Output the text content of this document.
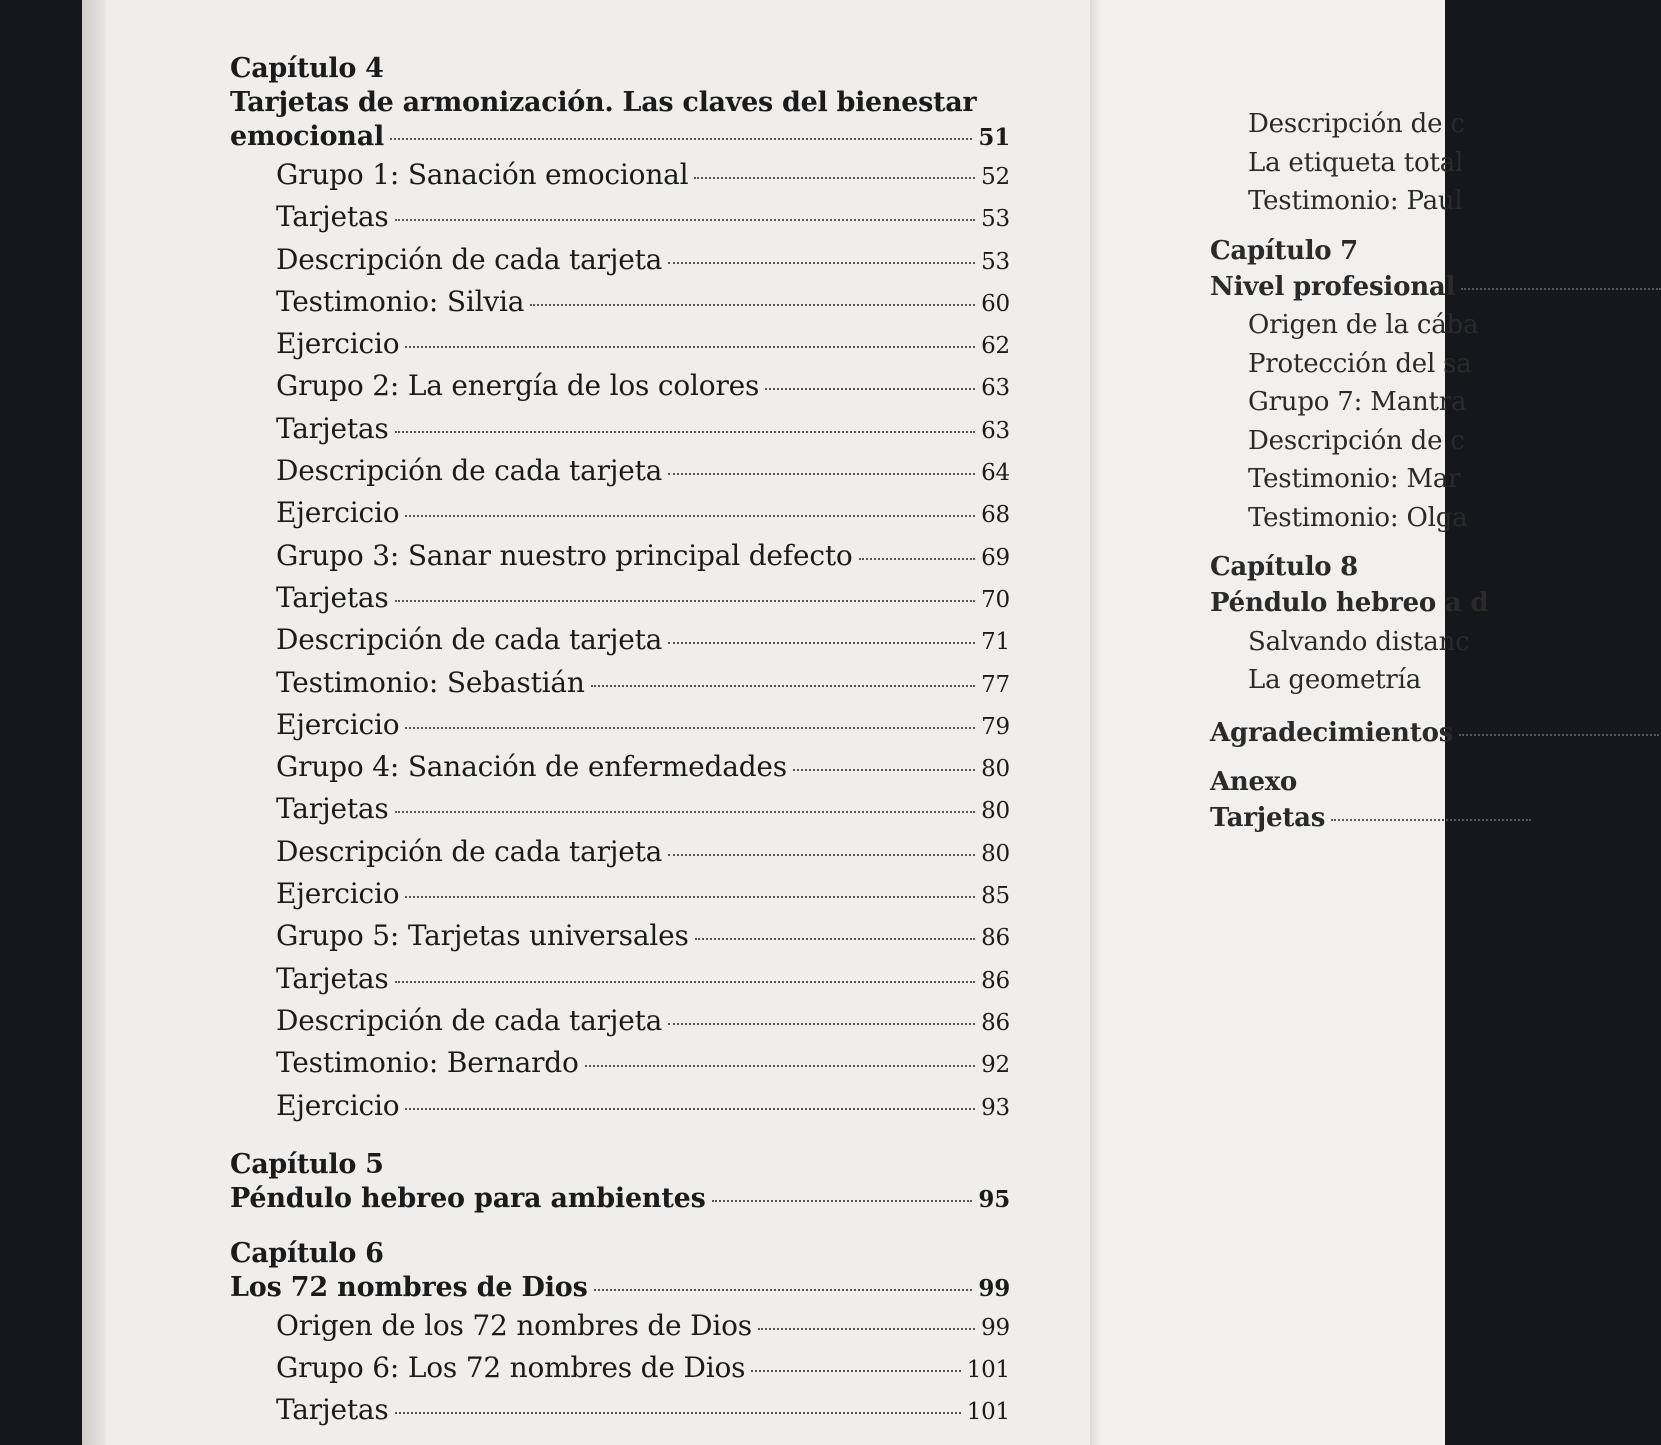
Capítulo 4
Tarjetas de armonización. Las claves del bienestar
emocional	51
Grupo 1: Sanación emocional	52
Tarjetas	53
Descripción de cada tarjeta	53
Testimonio: Silvia	60
Ejercicio	62
Grupo 2: La energía de los colores	63
Tarjetas	63
Descripción de cada tarjeta	64
Ejercicio	68
Grupo 3: Sanar nuestro principal defecto	69
Tarjetas	70
Descripción de cada tarjeta	71
Testimonio: Sebastián	77
Ejercicio	79
Grupo 4: Sanación de enfermedades	80
Tarjetas	80
Descripción de cada tarjeta	80
Ejercicio	85
Grupo 5: Tarjetas universales	86
Tarjetas	86
Descripción de cada tarjeta	86
Testimonio: Bernardo	92
Ejercicio	93
Capítulo 5
Péndulo hebreo para ambientes	95
Capítulo 6
Los 72 nombres de Dios	99
Origen de los 72 nombres de Dios	99
Grupo 6: Los 72 nombres de Dios	101
Tarjetas	101
Descripción de c
La etiqueta total
Testimonio: Paul
Capítulo 7
Nivel profesional
Origen de la cába
Protección del sa
Grupo 7: Mantra
Descripción de c
Testimonio: Mar
Testimonio: Olga
Capítulo 8
Péndulo hebreo a d
Salvando distanc
La geometría
Agradecimientos
Anexo
Tarjetas
